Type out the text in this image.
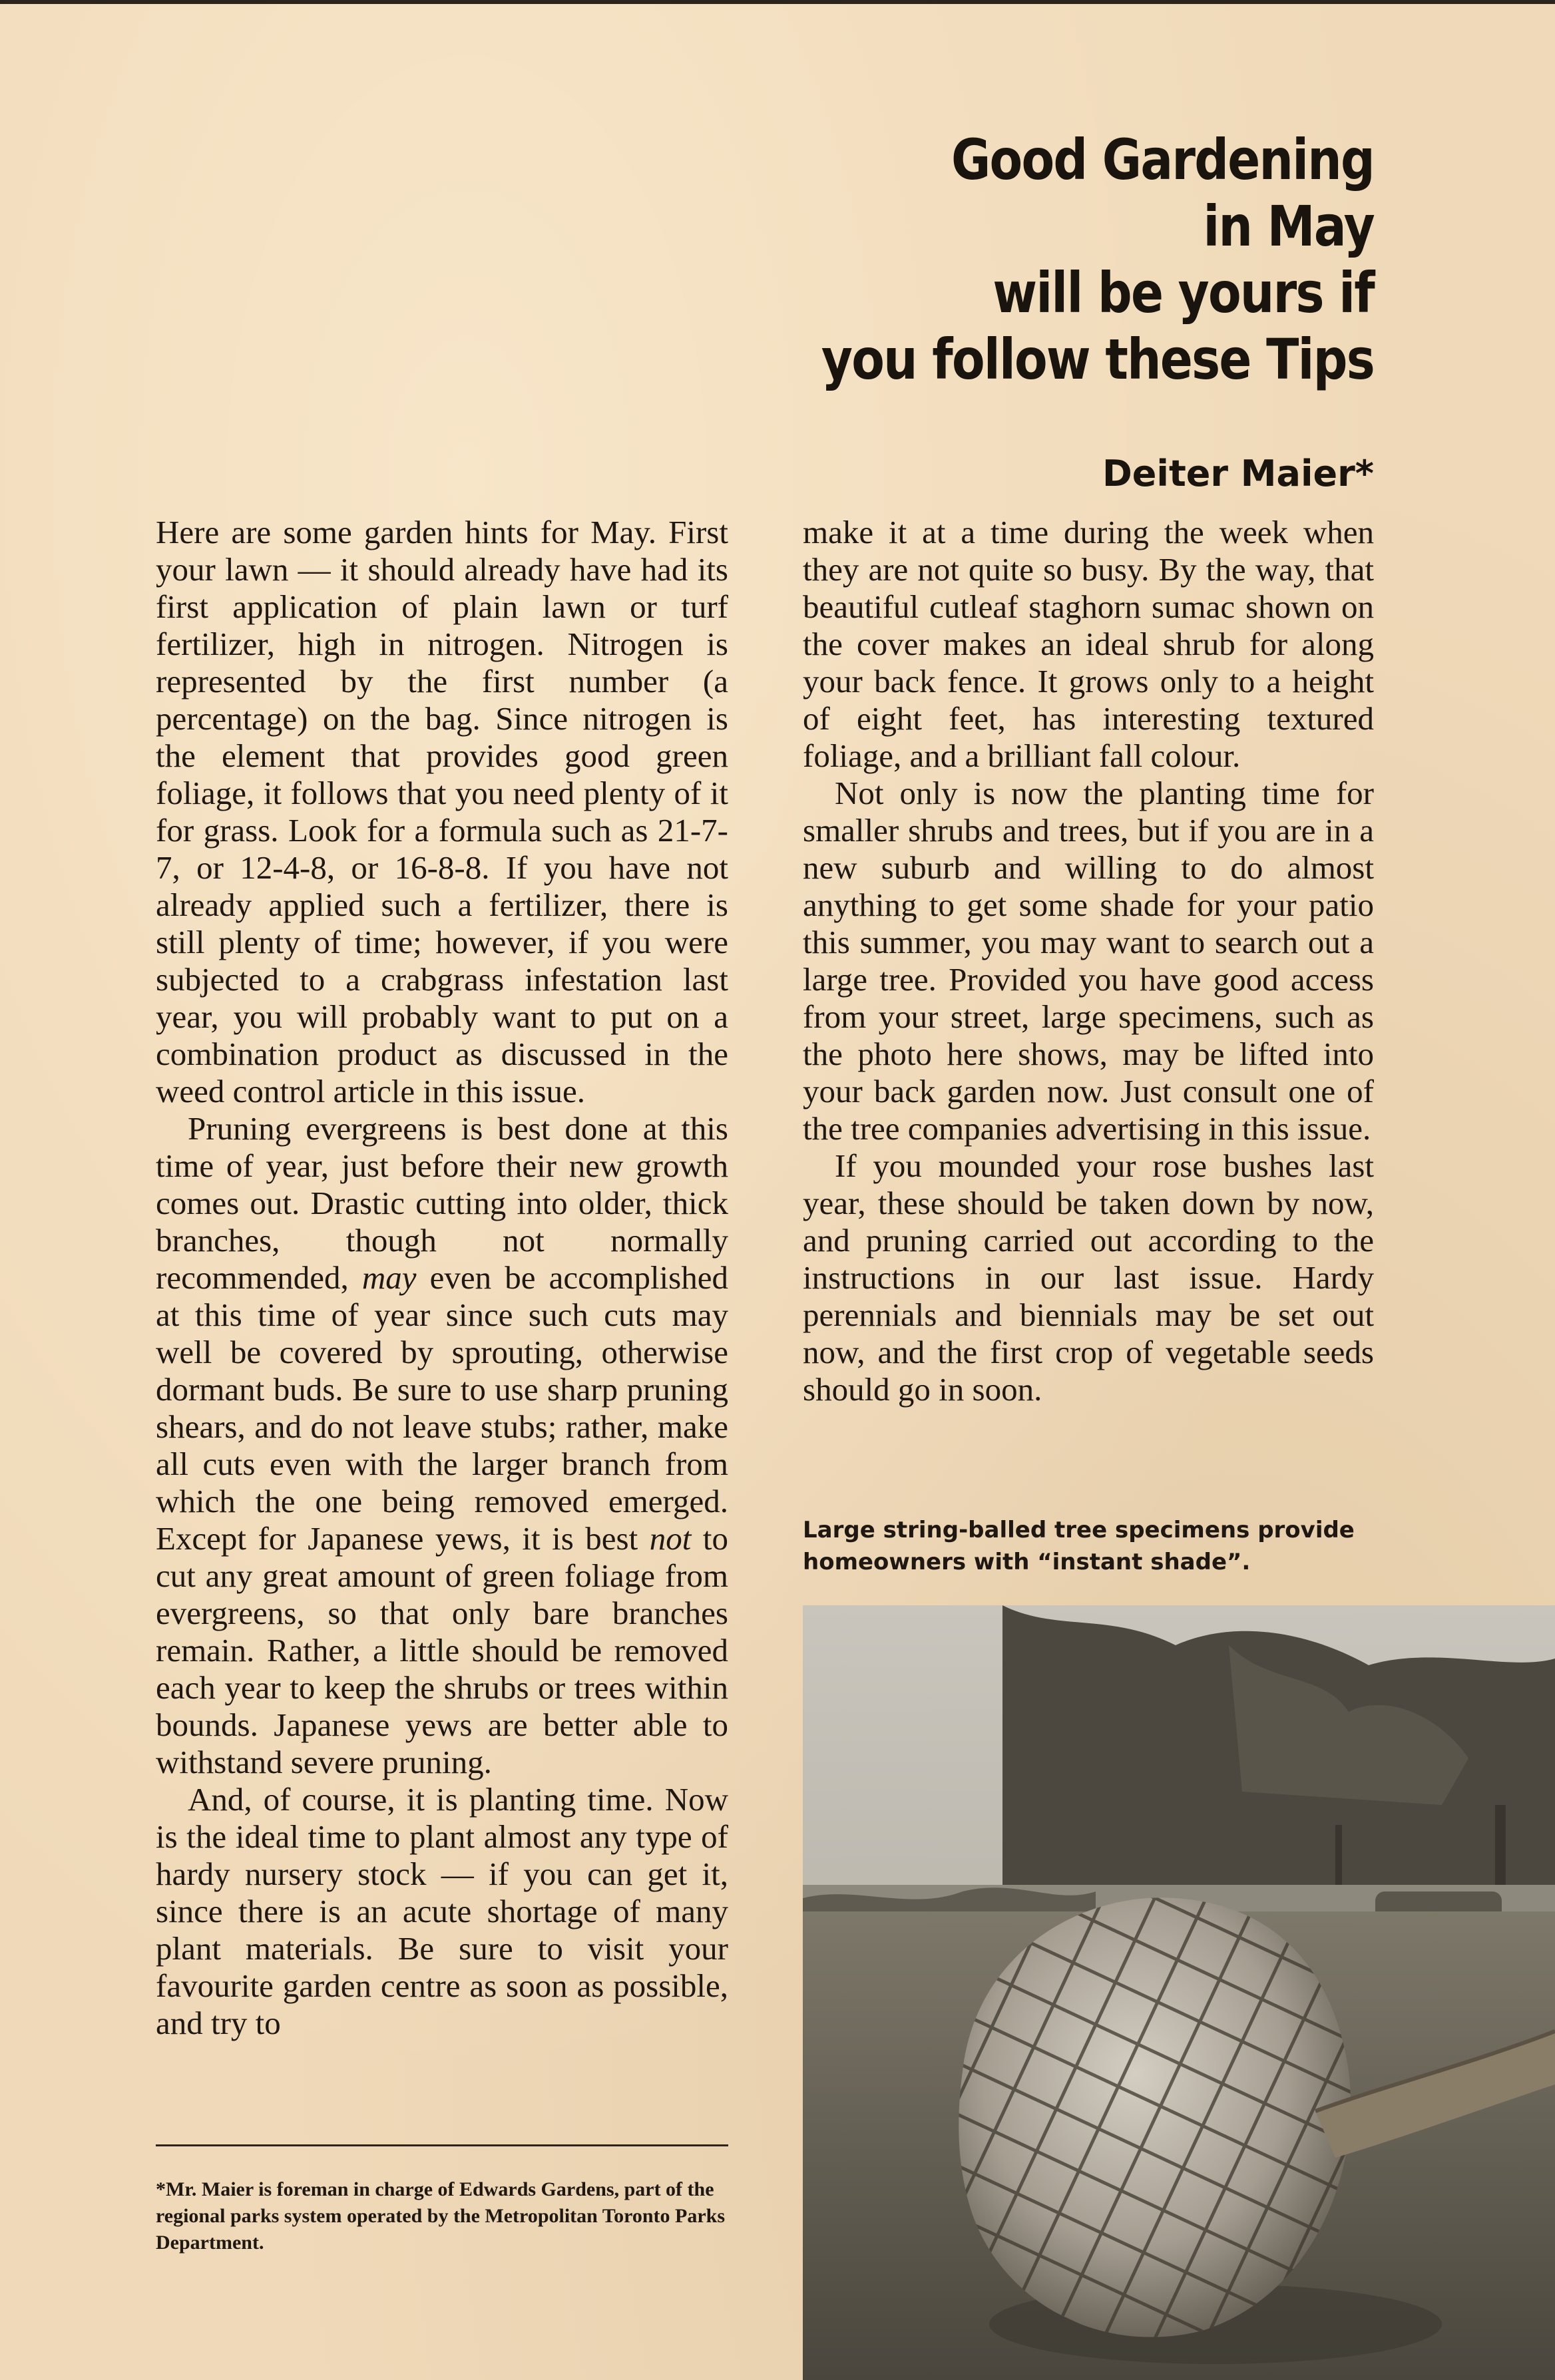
Good Gardening
in May
will be yours if
you follow these Tips
Deiter Maier*

Here are some garden hints for May. First your lawn — it should already have had its first application of plain lawn or turf fertilizer, high in nitrogen. Nitrogen is represented by the first number (a percentage) on the bag. Since nitrogen is the element that provides good green foliage, it follows that you need plenty of it for grass. Look for a formula such as 21-7-7, or 12-4-8, or 16-8-8. If you have not already applied such a fertilizer, there is still plenty of time; however, if you were subjected to a crabgrass infestation last year, you will probably want to put on a combination product as discussed in the weed control article in this issue.

Pruning evergreens is best done at this time of year, just before their new growth comes out. Drastic cutting into older, thick branches, though not normally recommended, may even be accomplished at this time of year since such cuts may well be covered by sprouting, otherwise dormant buds. Be sure to use sharp pruning shears, and do not leave stubs; rather, make all cuts even with the larger branch from which the one being removed emerged. Except for Japanese yews, it is best not to cut any great amount of green foliage from evergreens, so that only bare branches remain. Rather, a little should be removed each year to keep the shrubs or trees within bounds. Japanese yews are better able to withstand severe pruning.

And, of course, it is planting time. Now is the ideal time to plant almost any type of hardy nursery stock — if you can get it, since there is an acute shortage of many plant materials. Be sure to visit your favourite garden centre as soon as possible, and try to

make it at a time during the week when they are not quite so busy. By the way, that beautiful cutleaf staghorn sumac shown on the cover makes an ideal shrub for along your back fence. It grows only to a height of eight feet, has interesting textured foliage, and a brilliant fall colour.

Not only is now the planting time for smaller shrubs and trees, but if you are in a new suburb and willing to do almost anything to get some shade for your patio this summer, you may want to search out a large tree. Provided you have good access from your street, large specimens, such as the photo here shows, may be lifted into your back garden now. Just consult one of the tree companies advertising in this issue.

If you mounded your rose bushes last year, these should be taken down by now, and pruning carried out according to the instructions in our last issue. Hardy perennials and biennials may be set out now, and the first crop of vegetable seeds should go in soon.

*Mr. Maier is foreman in charge of Edwards Gardens, part of the regional parks system operated by the Metropolitan Toronto Parks Department.
Large string-balled tree specimens provide homeowners with “instant shade”.
